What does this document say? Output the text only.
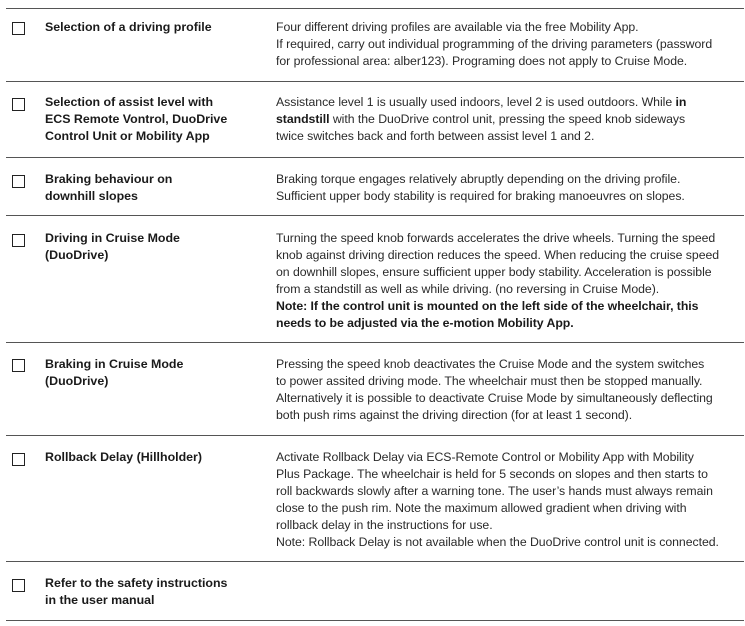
Selection of a driving profile	Four different driving profiles are available via the free Mobility App.

If required, carry out individual programming of the driving parameters (password

for professional area: alber123). Programing does not apply to Cruise Mode.

Selection of assist level with
ECS Remote Vontrol, DuoDrive
Control Unit or Mobility App

Assistance level 1 is usually used indoors, level 2 is used outdoors. While in

standstill with the DuoDrive control unit, pressing the speed knob sideways

twice switches back and forth between assist level 1 and 2.

Braking behaviour on
downhill slopes

Braking torque engages relatively abruptly depending on the driving profile.

Sufficient upper body stability is required for braking manoeuvres on slopes.

Driving in Cruise Mode
(DuoDrive)

Turning the speed knob forwards accelerates the drive wheels. Turning the speed

knob against driving direction reduces the speed. When reducing the cruise speed

on downhill slopes, ensure sufficient upper body stability. Acceleration is possible

from a standstill as well as while driving. (no reversing in Cruise Mode).

Note: If the control unit is mounted on the left side of the wheelchair, this

needs to be adjusted via the e-motion Mobility App.

Braking in Cruise Mode
(DuoDrive)

Pressing the speed knob deactivates the Cruise Mode and the system switches

to power assited driving mode. The wheelchair must then be stopped manually.

Alternatively it is possible to deactivate Cruise Mode by simultaneously deflecting

both push rims against the driving direction (for at least 1 second).

Rollback Delay (Hillholder)	Activate Rollback Delay via ECS-Remote Control or Mobility App with Mobility

Plus Package. The wheelchair is held for 5 seconds on slopes and then starts to

roll backwards slowly after a warning tone. The user’s hands must always remain

close to the push rim. Note the maximum allowed gradient when driving with

rollback delay in the instructions for use.

Note: Rollback Delay is not available when the DuoDrive control unit is connected.

Refer to the safety instructions
in the user manual
